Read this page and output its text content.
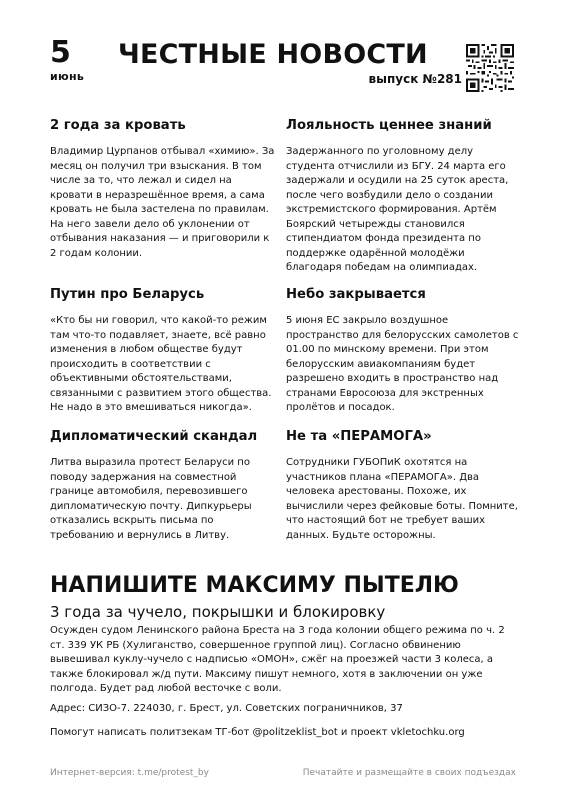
5
июнь
ЧЕСТНЫЕ НОВОСТИ
выпуск №281
2 года за кровать

Владимир Цурпанов отбывал «химию». За месяц он получил три взыскания. В том числе за то, что лежал и сидел на кровати в неразрешённое время, а сама кровать не была застелена по правилам. На него завели дело об уклонении от отбывания наказания — и приговорили к 2 годам колонии.

Лояльность ценнее знаний

Задержанного по уголовному делу студента отчислили из БГУ. 24 марта его задержали и осудили на 25 суток ареста, после чего возбудили дело о создании экстремистского формирования. Артём Боярский четырежды становился стипендиатом фонда президента по поддержке одарённой молодёжи благодаря победам на олимпиадах.

Путин про Беларусь

«Кто бы ни говорил, что какой-то режим там что-то подавляет, знаете, всё равно изменения в любом обществе будут происходить в соответствии с объективными обстоятельствами, связанными с развитием этого общества. Не надо в это вмешиваться никогда».

Небо закрывается

5 июня ЕС закрыло воздушное пространство для белорусских самолетов с 01.00 по минскому времени. При этом белорусским авиакомпаниям будет разрешено входить в пространство над странами Евросоюза для экстренных пролётов и посадок.

Дипломатический скандал

Литва выразила протест Беларуси по поводу задержания на совместной границе автомобиля, перевозившего дипломатическую почту. Дипкурьеры отказались вскрыть письма по требованию и вернулись в Литву.

Не та «ПЕРАМОГА»

Сотрудники ГУБОПиК охотятся на участников плана «ПЕРАМОГА». Два человека арестованы. Похоже, их вычислили через фейковые боты. Помните, что настоящий бот не требует ваших данных. Будьте осторожны.

НАПИШИТЕ МАКСИМУ ПЫТЕЛЮ
3 года за чучело, покрышки и блокировку
Осужден судом Ленинского района Бреста на 3 года колонии общего режима по ч. 2 ст. 339 УК РБ (Хулиганство, совершенное группой лиц). Согласно обвинению вывешивал куклу-чучело с надписью «ОМОН», сжёг на проезжей части 3 колеса, а также блокировал ж/д пути. Максиму пишут немного, хотя в заключении он уже полгода. Будет рад любой весточке с воли.
Адрес: СИЗО-7. 224030, г. Брест, ул. Советских пограничников, 37
Помогут написать политзекам ТГ-бот @politzeklist_bot и проект vkletochku.org
Интернет-версия: t.me/protest_by	Печатайте и размещайте в своих подъездах
